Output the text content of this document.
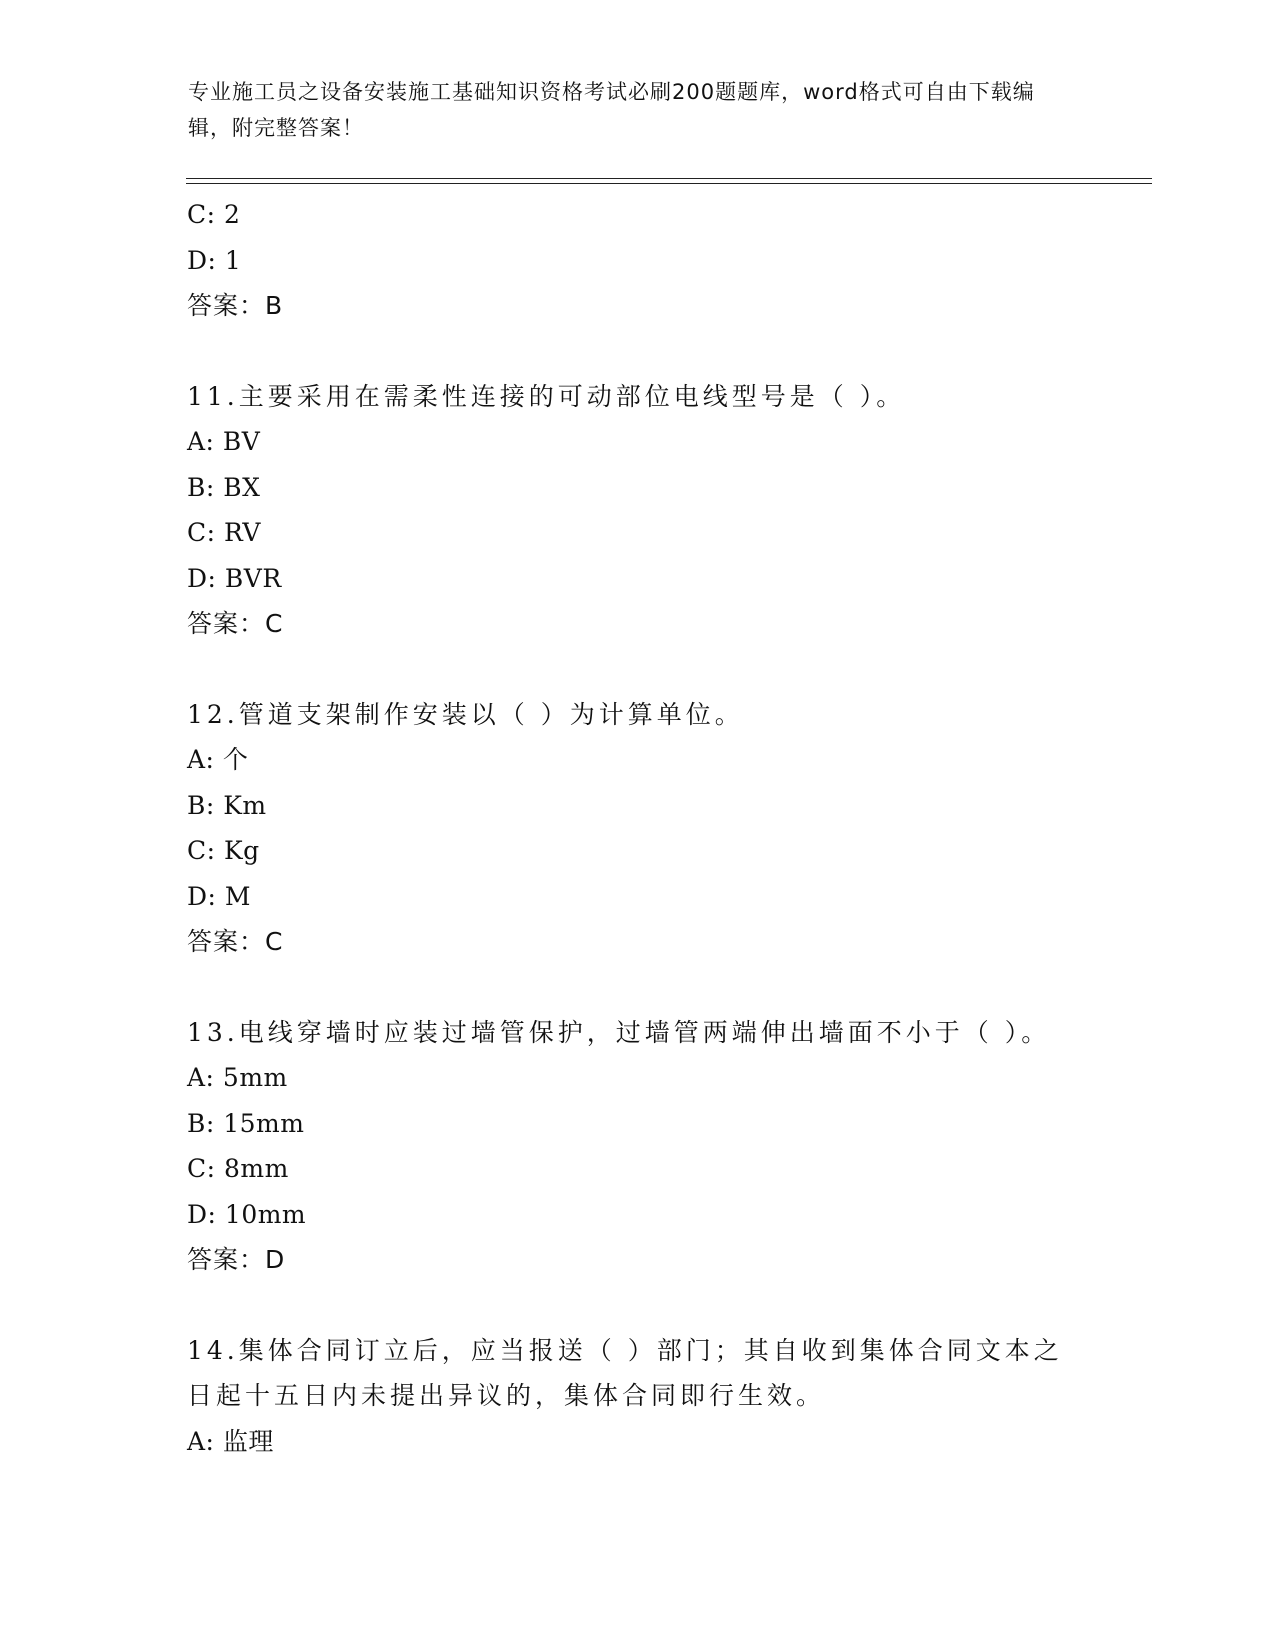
专业施工员之设备安装施工基础知识资格考试必刷200题题库，word格式可自由下载编辑，附完整答案！
C: 2
D: 1
答案：B
11.主要采用在需柔性连接的可动部位电线型号是（ ）。
A: BV
B: BX
C: RV
D: BVR
答案：C
12.管道支架制作安装以（ ）为计算单位。
A: 个
B: Km
C: Kg
D: M
答案：C
13.电线穿墙时应装过墙管保护，过墙管两端伸出墙面不小于（ ）。
A: 5mm
B: 15mm
C: 8mm
D: 10mm
答案：D
14.集体合同订立后，应当报送（ ）部门；其自收到集体合同文本之日起十五日内未提出异议的，集体合同即行生效。
A: 监理
